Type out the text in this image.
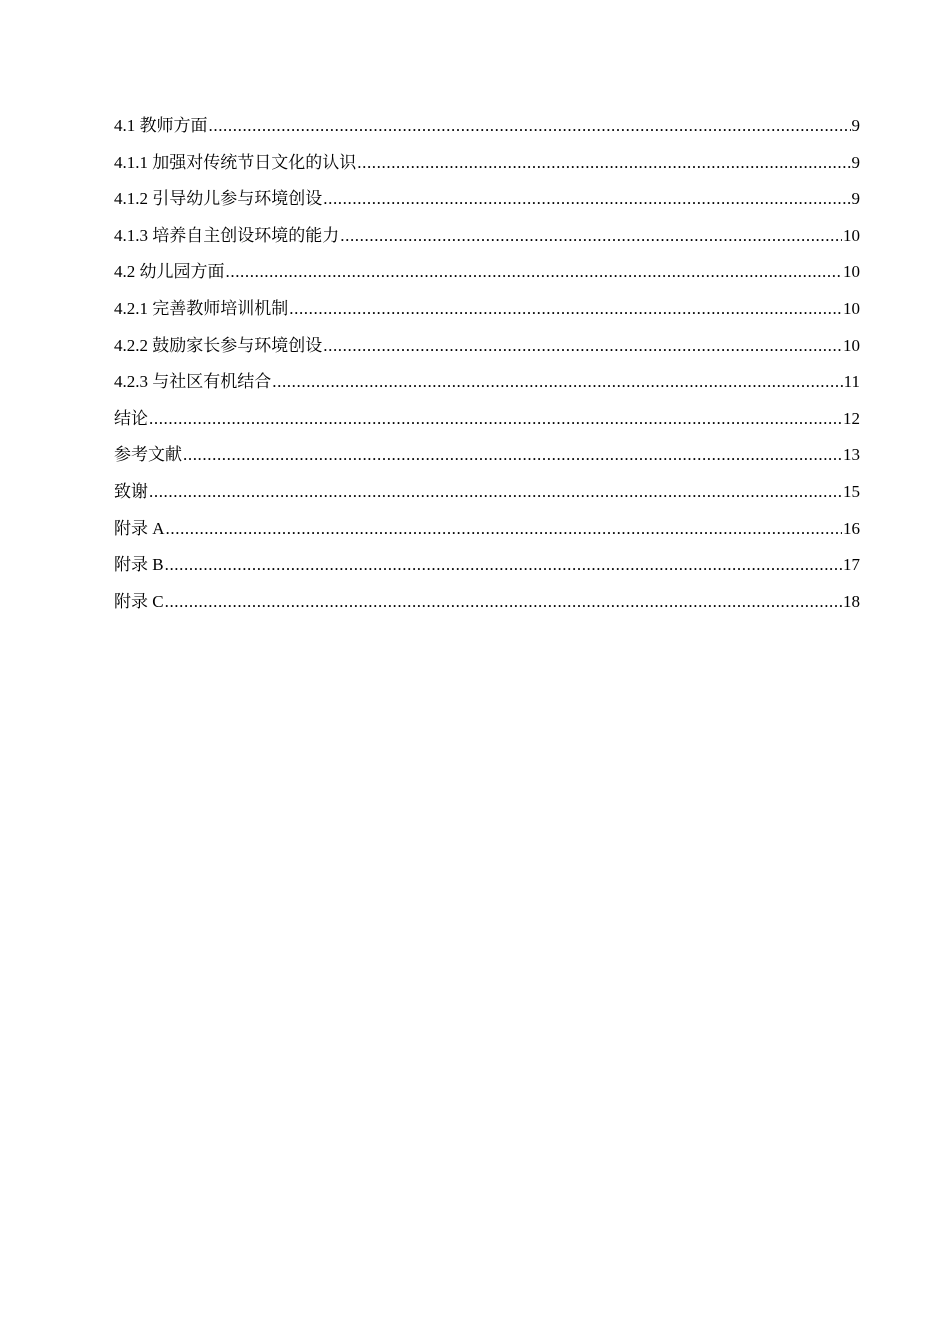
4.1 教师方面 .....	9
4.1.1 加强对传统节日文化的认识 .....	9
4.1.2 引导幼儿参与环境创设 .....	9
4.1.3 培养自主创设环境的能力 .....	10
4.2 幼儿园方面 .....	10
4.2.1 完善教师培训机制 .....	10
4.2.2 鼓励家长参与环境创设 .....	10
4.2.3 与社区有机结合 .....	11
结论 .....	12
参考文献 .....	13
致谢 .....	15
附录 A .....	16
附录 B .....	17
附录 C .....	18
